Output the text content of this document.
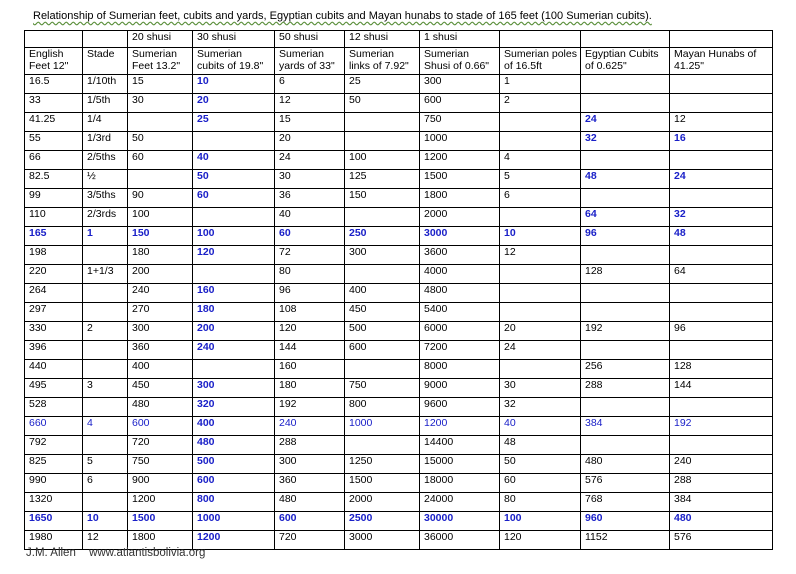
Relationship of Sumerian feet, cubits and yards, Egyptian cubits and Mayan hunabs to stade of 165 feet (100 Sumerian cubits).
		20 shusi	30 shusi	50 shusi	12 shusi	1 shusi			
English Feet 12"	Stade	Sumerian Feet 13.2"	Sumerian cubits of 19.8"	Sumerian yards of 33"	Sumerian links of 7.92"	Sumerian Shusi of 0.66"	Sumerian poles of 16.5ft	Egyptian Cubits of 0.625"	Mayan Hunabs of 41.25"
16.5	1/10th	15	10	6	25	300	1		
33	1/5th	30	20	12	50	600	2		
41.25	1/4		25	15		750		24	12
55	1/3rd	50		20		1000		32	16
66	2/5ths	60	40	24	100	1200	4		
82.5	½		50	30	125	1500	5	48	24
99	3/5ths	90	60	36	150	1800	6		
110	2/3rds	100		40		2000		64	32
165	1	150	100	60	250	3000	10	96	48
198		180	120	72	300	3600	12		
220	1+1/3	200		80		4000		128	64
264		240	160	96	400	4800			
297		270	180	108	450	5400			
330	2	300	200	120	500	6000	20	192	96
396		360	240	144	600	7200	24		
440		400		160		8000		256	128
495	3	450	300	180	750	9000	30	288	144
528		480	320	192	800	9600	32		
660	4	600	400	240	1000	1200	40	384	192
792		720	480	288		14400	48		
825	5	750	500	300	1250	15000	50	480	240
990	6	900	600	360	1500	18000	60	576	288
1320		1200	800	480	2000	24000	80	768	384
1650	10	1500	1000	600	2500	30000	100	960	480
1980	12	1800	1200	720	3000	36000	120	1152	576
J.M. Allen www.atlantisbolivia.org
